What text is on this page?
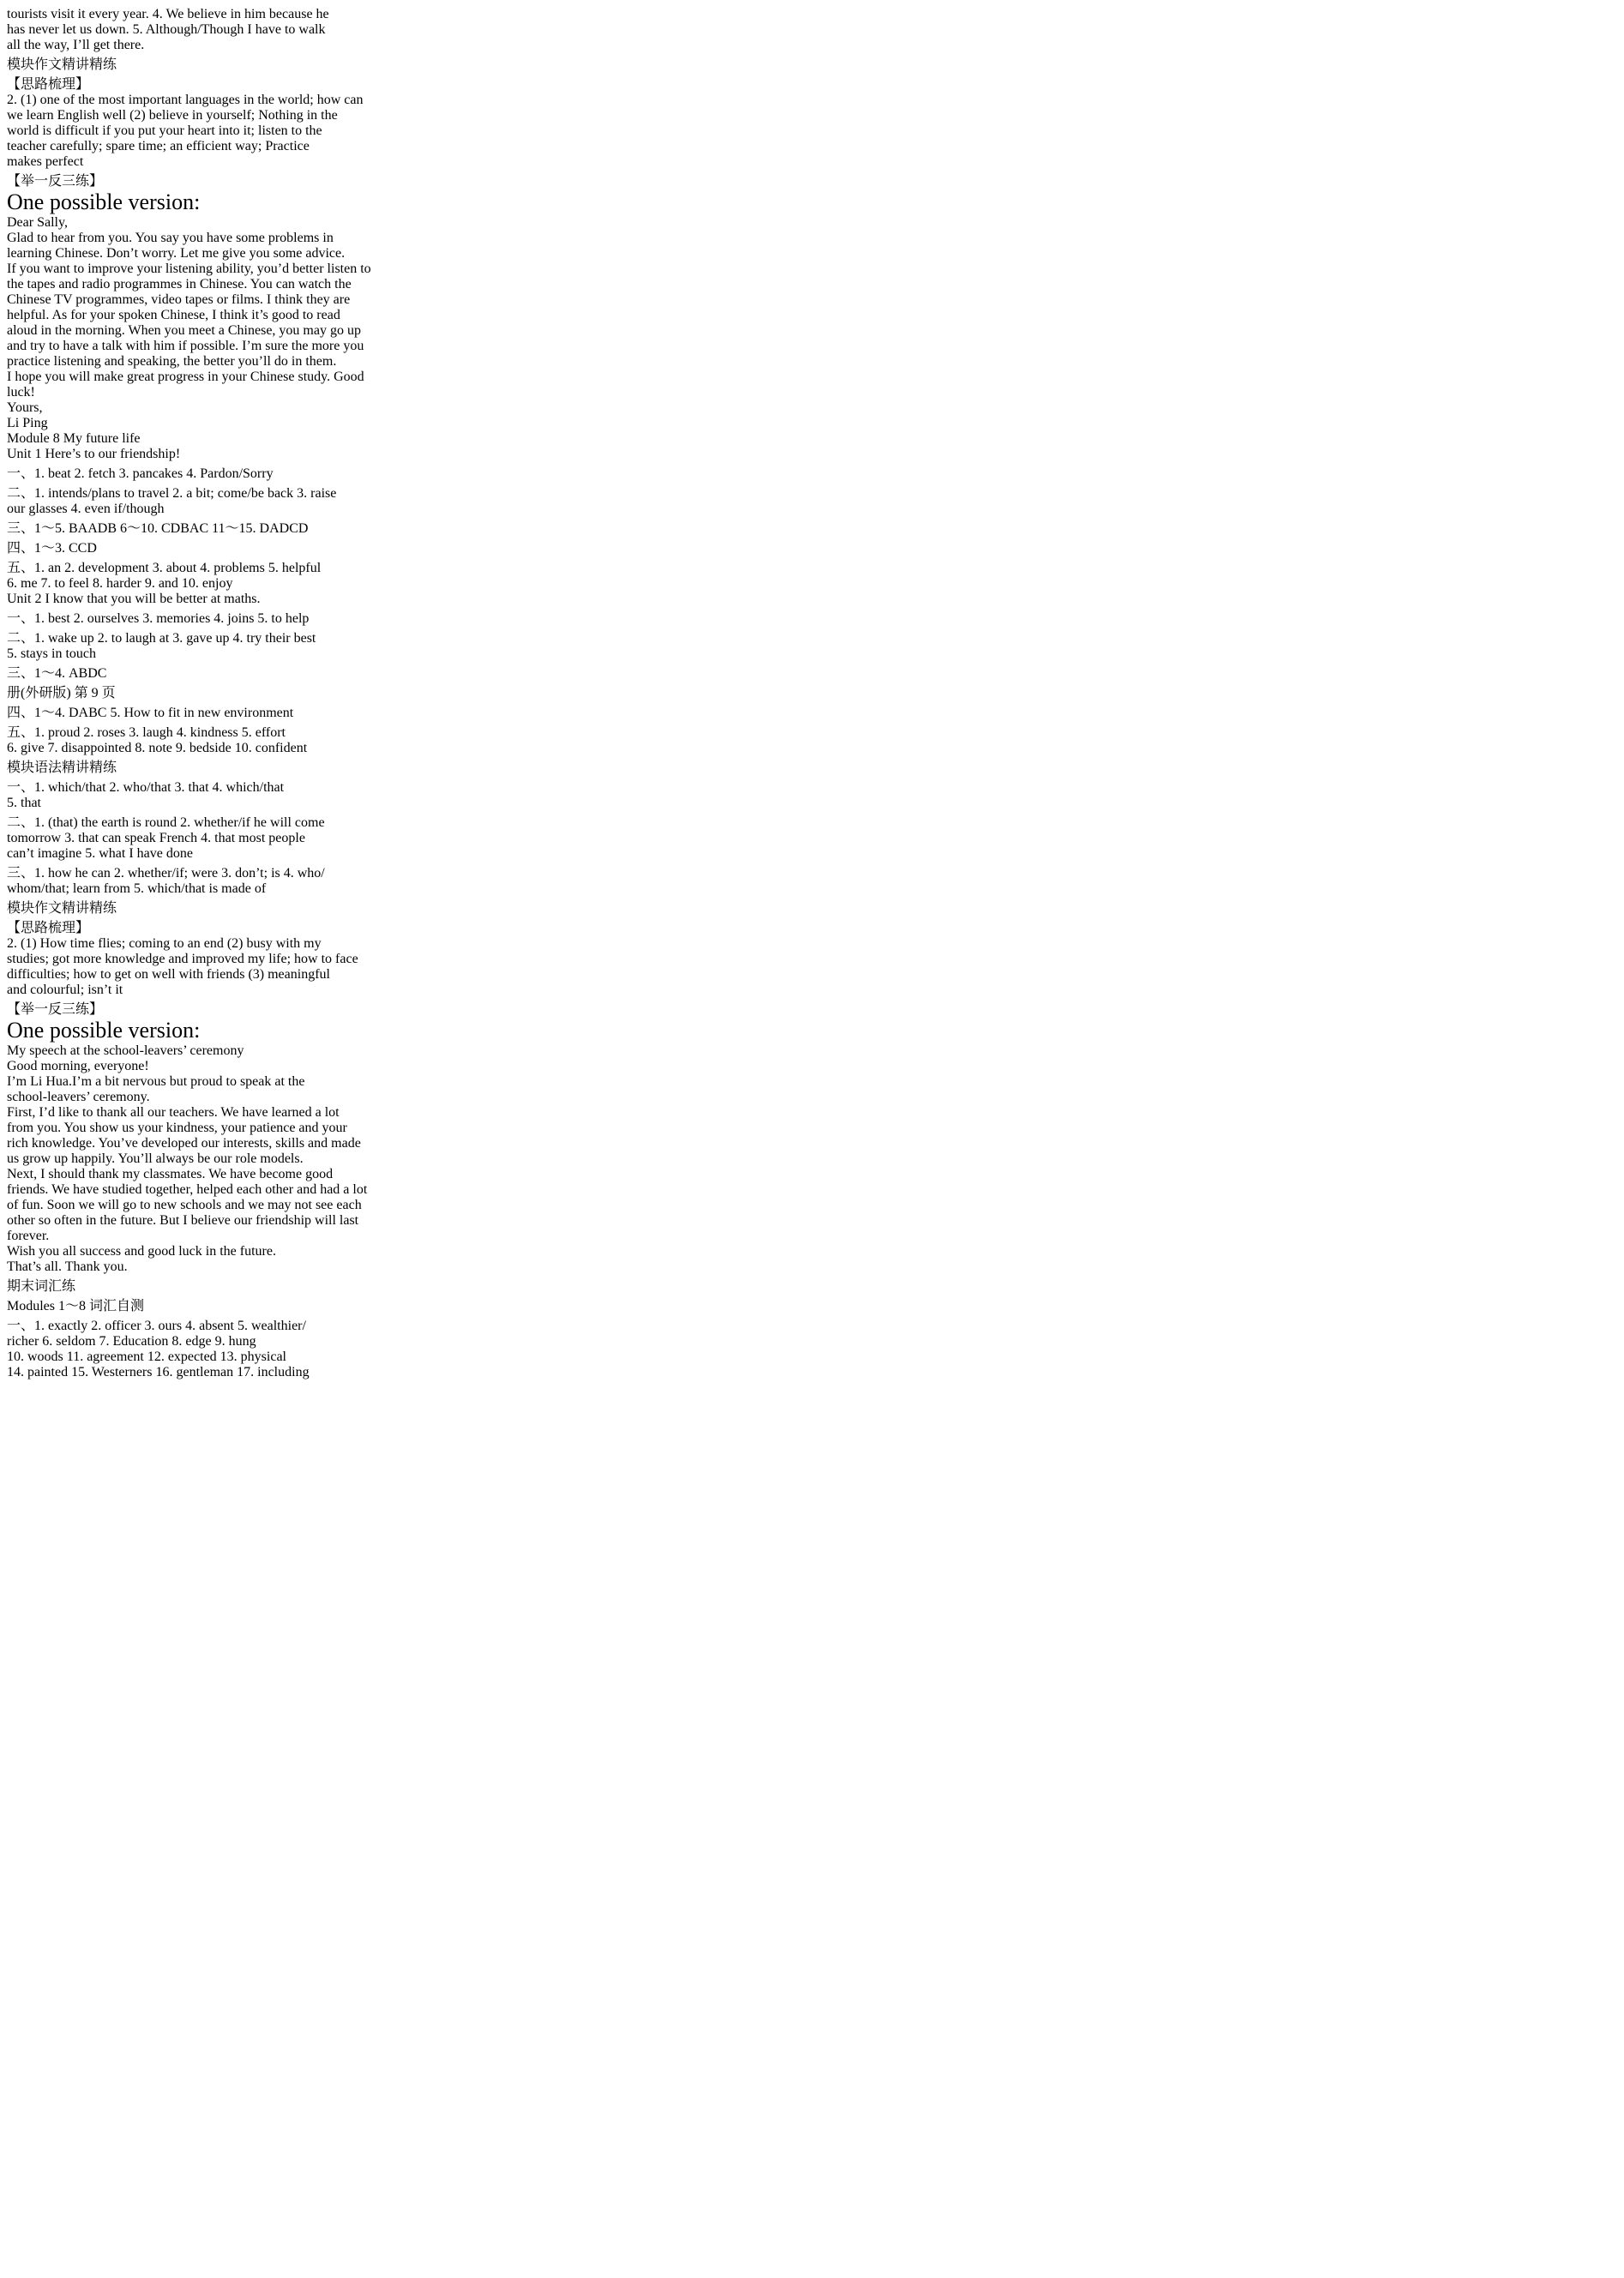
tourists visit it every year. 4. We believe in him because he
has never let us down. 5. Although/Though I have to walk
all the way, I’ll get there.
模块作文精讲精练
【思路梳理】
2. (1) one of the most important languages in the world; how can
we learn English well (2) believe in yourself; Nothing in the
world is difficult if you put your heart into it; listen to the
teacher carefully; spare time; an efficient way; Practice
makes perfect
【举一反三练】
One possible version:
Dear Sally,
Glad to hear from you. You say you have some problems in
learning Chinese. Don’t worry. Let me give you some advice.
If you want to improve your listening ability, you’d better listen to
the tapes and radio programmes in Chinese. You can watch the
Chinese TV programmes, video tapes or films. I think they are
helpful. As for your spoken Chinese, I think it’s good to read
aloud in the morning. When you meet a Chinese, you may go up
and try to have a talk with him if possible. I’m sure the more you
practice listening and speaking, the better you’ll do in them.
I hope you will make great progress in your Chinese study. Good
luck!
Yours,
Li Ping
Module 8 My future life
Unit 1 Here’s to our friendship!
一、1. beat 2. fetch 3. pancakes 4. Pardon/Sorry
二、1. intends/plans to travel 2. a bit; come/be back 3. raise
our glasses 4. even if/though
三、1～5. BAADB 6～10. CDBAC 11～15. DADCD
四、1～3. CCD
五、1. an 2. development 3. about 4. problems 5. helpful
6. me 7. to feel 8. harder 9. and 10. enjoy
Unit 2 I know that you will be better at maths.
一、1. best 2. ourselves 3. memories 4. joins 5. to help
二、1. wake up 2. to laugh at 3. gave up 4. try their best
5. stays in touch
三、1～4. ABDC
册(外研版) 第 9 页
四、1～4. DABC 5. How to fit in new environment
五、1. proud 2. roses 3. laugh 4. kindness 5. effort
6. give 7. disappointed 8. note 9. bedside 10. confident
模块语法精讲精练
一、1. which/that 2. who/that 3. that 4. which/that
5. that
二、1. (that) the earth is round 2. whether/if he will come
tomorrow 3. that can speak French 4. that most people
can’t imagine 5. what I have done
三、1. how he can 2. whether/if; were 3. don’t; is 4. who/
whom/that; learn from 5. which/that is made of
模块作文精讲精练
【思路梳理】
2. (1) How time flies; coming to an end (2) busy with my
studies; got more knowledge and improved my life; how to face
difficulties; how to get on well with friends (3) meaningful
and colourful; isn’t it
【举一反三练】
One possible version:
My speech at the school-leavers’ ceremony
Good morning, everyone!
I’m Li Hua.I’m a bit nervous but proud to speak at the
school-leavers’ ceremony.
First, I’d like to thank all our teachers. We have learned a lot
from you. You show us your kindness, your patience and your
rich knowledge. You’ve developed our interests, skills and made
us grow up happily. You’ll always be our role models.
Next, I should thank my classmates. We have become good
friends. We have studied together, helped each other and had a lot
of fun. Soon we will go to new schools and we may not see each
other so often in the future. But I believe our friendship will last
forever.
Wish you all success and good luck in the future.
That’s all. Thank you.
期末词汇练
Modules 1～8 词汇自测
一、1. exactly 2. officer 3. ours 4. absent 5. wealthier/
richer 6. seldom 7. Education 8. edge 9. hung
10. woods 11. agreement 12. expected 13. physical
14. painted 15. Westerners 16. gentleman 17. including
